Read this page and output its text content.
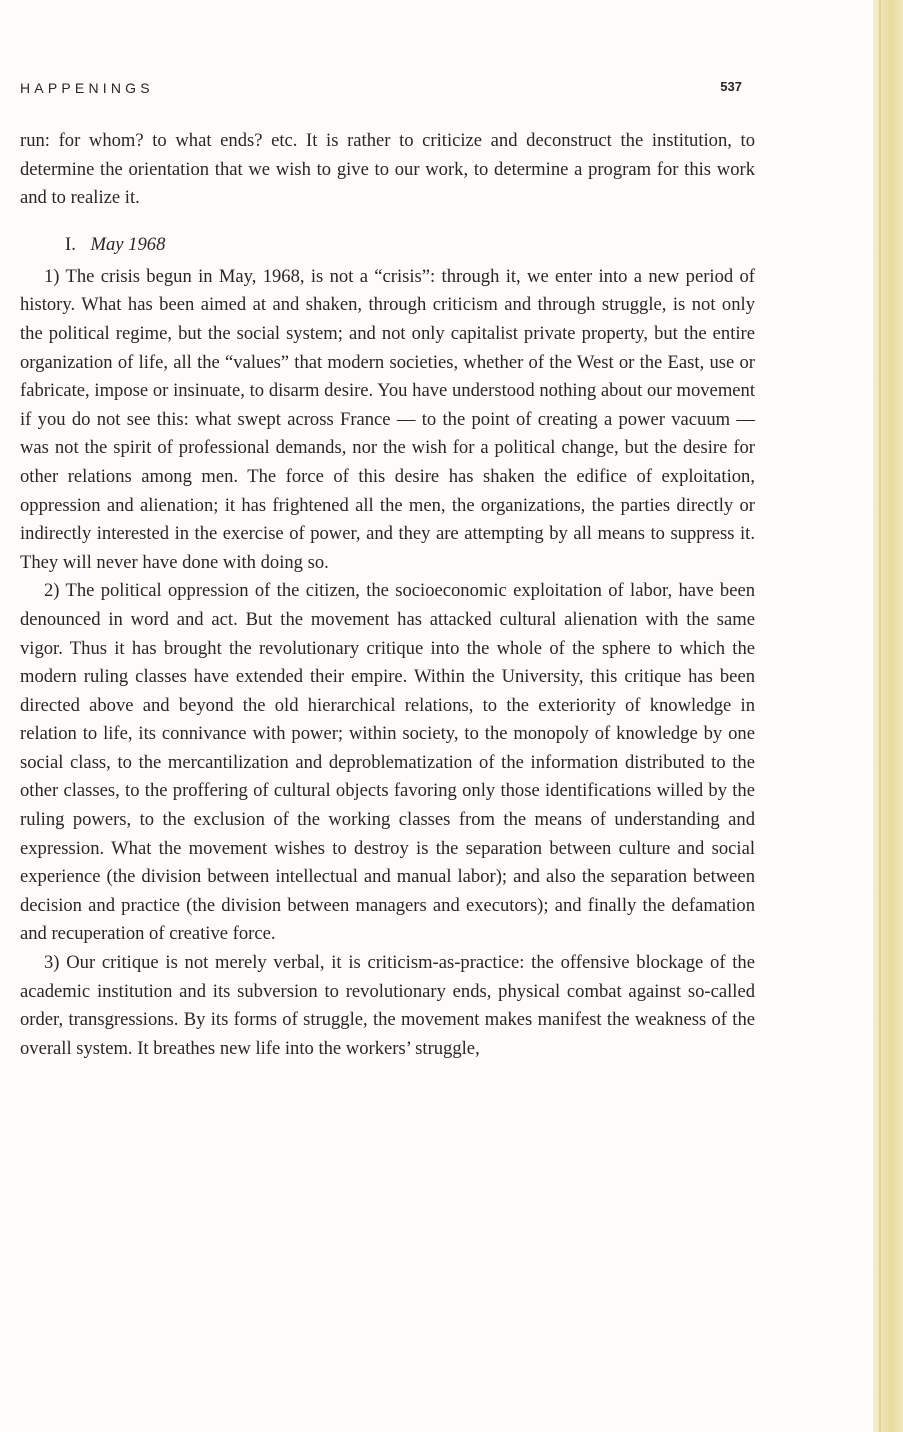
HAPPENINGS	537

run: for whom? to what ends? etc. It is rather to criticize and deconstruct the institution, to determine the orientation that we wish to give to our work, to determine a program for this work and to realize it.

I. May 1968

1) The crisis begun in May, 1968, is not a “crisis”: through it, we enter into a new period of history. What has been aimed at and shaken, through criticism and through struggle, is not only the political regime, but the social system; and not only capitalist private property, but the entire organization of life, all the “values” that modern societies, whether of the West or the East, use or fabricate, impose or insinuate, to disarm desire. You have understood nothing about our movement if you do not see this: what swept across France — to the point of creating a power vacuum — was not the spirit of professional demands, nor the wish for a political change, but the desire for other relations among men. The force of this desire has shaken the edifice of exploitation, oppression and alienation; it has frightened all the men, the organizations, the parties directly or indirectly interested in the exercise of power, and they are attempting by all means to suppress it. They will never have done with doing so.

2) The political oppression of the citizen, the socioeconomic exploitation of labor, have been denounced in word and act. But the movement has attacked cultural alienation with the same vigor. Thus it has brought the revolutionary critique into the whole of the sphere to which the modern ruling classes have extended their empire. Within the University, this critique has been directed above and beyond the old hierarchical relations, to the exteriority of knowledge in relation to life, its connivance with power; within society, to the monopoly of knowledge by one social class, to the mercantilization and deproblematization of the information distributed to the other classes, to the proffering of cultural objects favoring only those identifications willed by the ruling powers, to the exclusion of the working classes from the means of understanding and expression. What the movement wishes to destroy is the separation between culture and social experience (the division between intellectual and manual labor); and also the separation between decision and practice (the division between managers and executors); and finally the defamation and recuperation of creative force.

3) Our critique is not merely verbal, it is criticism-as-practice: the offensive blockage of the academic institution and its subversion to revolutionary ends, physical combat against so-called order, transgressions. By its forms of struggle, the movement makes manifest the weakness of the overall system. It breathes new life into the workers’ struggle,
